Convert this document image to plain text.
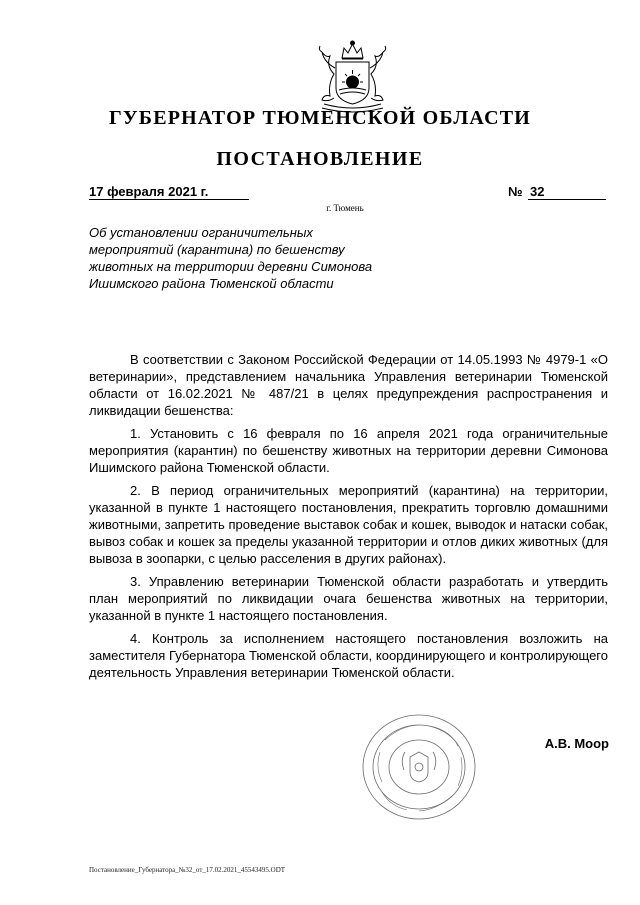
ГУБЕРНАТОР ТЮМЕНСКОЙ ОБЛАСТИ
ПОСТАНОВЛЕНИЕ
17 февраля 2021 г.	№ 32
г. Тюмень
Об установлении ограничительных мероприятий (карантина) по бешенству животных на территории деревни Симонова Ишимского района Тюменской области

В соответствии с Законом Российской Федерации от 14.05.1993 № 4979-1 «О ветеринарии», представлением начальника Управления ветеринарии Тюменской области от 16.02.2021 № 487/21 в целях предупреждения распространения и ликвидации бешенства:

1. Установить с 16 февраля по 16 апреля 2021 года ограничительные мероприятия (карантин) по бешенству животных на территории деревни Симонова Ишимского района Тюменской области.

2. В период ограничительных мероприятий (карантина) на территории, указанной в пункте 1 настоящего постановления, прекратить торговлю домашними животными, запретить проведение выставок собак и кошек, выводок и натаски собак, вывоз собак и кошек за пределы указанной территории и отлов диких животных (для вывоза в зоопарки, с целью расселения в других районах).

3. Управлению ветеринарии Тюменской области разработать и утвердить план мероприятий по ликвидации очага бешенства животных на территории, указанной в пункте 1 настоящего постановления.

4. Контроль за исполнением настоящего постановления возложить на заместителя Губернатора Тюменской области, координирующего и контролирующего деятельность Управления ветеринарии Тюменской области.

А.В. Моор
Постановление_Губернатора_№32_от_17.02.2021_45543495.ODT
